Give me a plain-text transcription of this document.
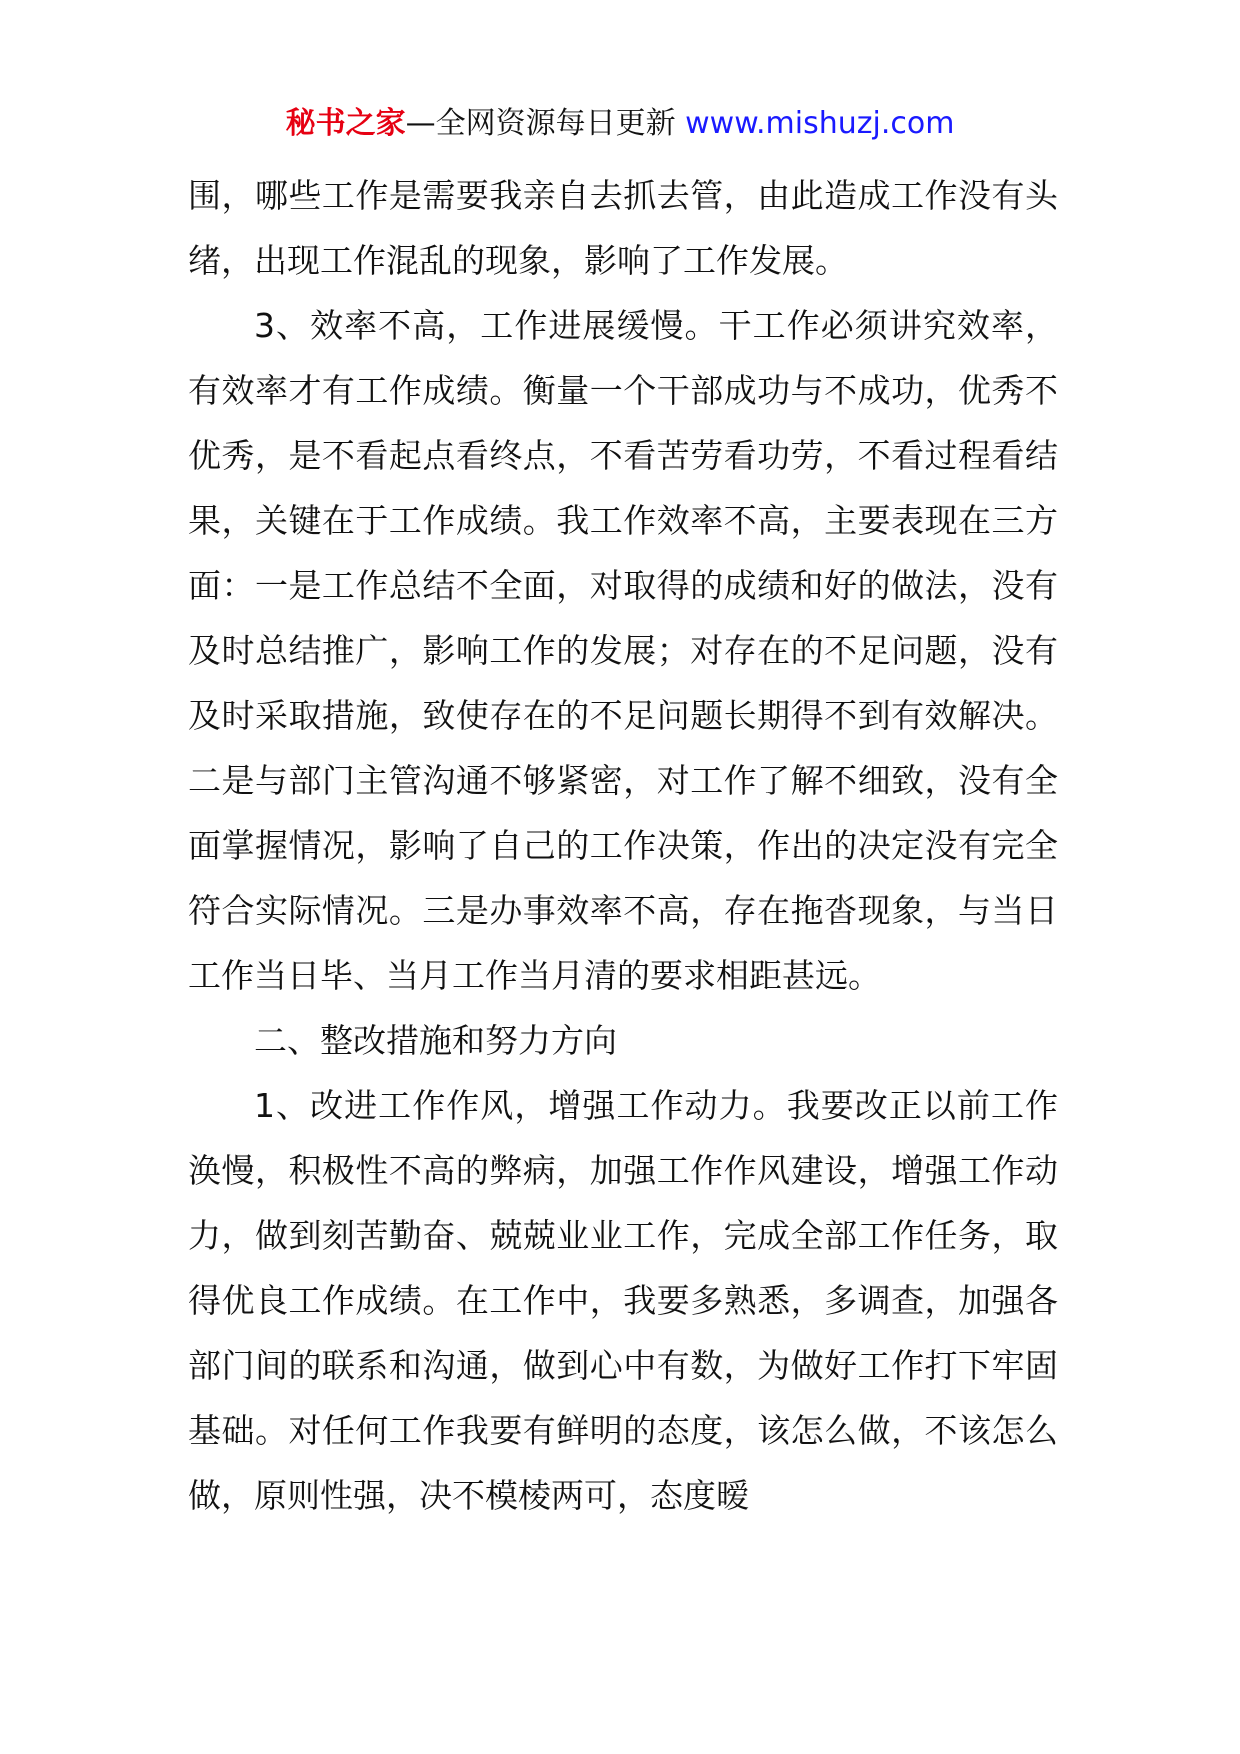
秘书之家—全网资源每日更新 www.mishuzj.com

围，哪些工作是需要我亲自去抓去管，由此造成工作没有头绪，出现工作混乱的现象，影响了工作发展。

3、效率不高，工作进展缓慢。干工作必须讲究效率，有效率才有工作成绩。衡量一个干部成功与不成功，优秀不优秀，是不看起点看终点，不看苦劳看功劳，不看过程看结果，关键在于工作成绩。我工作效率不高，主要表现在三方面：一是工作总结不全面，对取得的成绩和好的做法，没有及时总结推广，影响工作的发展；对存在的不足问题，没有及时采取措施，致使存在的不足问题长期得不到有效解决。二是与部门主管沟通不够紧密，对工作了解不细致，没有全面掌握情况，影响了自己的工作决策，作出的决定没有完全符合实际情况。三是办事效率不高，存在拖沓现象，与当日工作当日毕、当月工作当月清的要求相距甚远。

二、整改措施和努力方向

1、改进工作作风，增强工作动力。我要改正以前工作涣慢，积极性不高的弊病，加强工作作风建设，增强工作动力，做到刻苦勤奋、兢兢业业工作，完成全部工作任务，取得优良工作成绩。在工作中，我要多熟悉，多调查，加强各部门间的联系和沟通，做到心中有数，为做好工作打下牢固基础。对任何工作我要有鲜明的态度，该怎么做，不该怎么做，原则性强，决不模棱两可，态度暧
